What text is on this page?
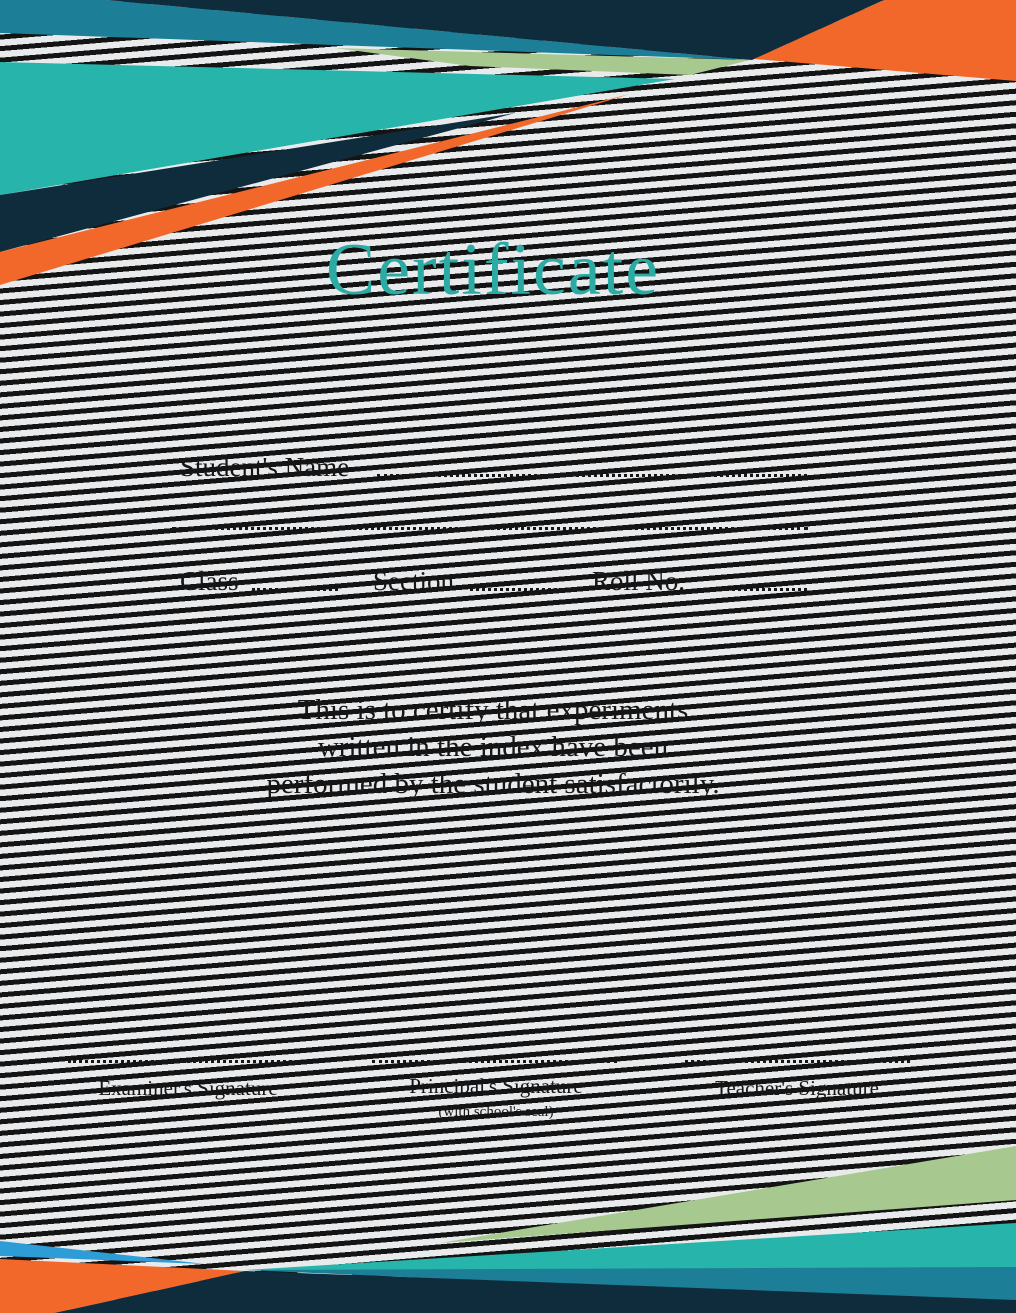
Certificate
Student's Name
Class	Section	Roll No.
This is to certify that experiments
written in the index have been
performed by the student satisfactorily.
Examiner's Signature	Principal's Signature
(with school's seal)
Teacher's Signature
